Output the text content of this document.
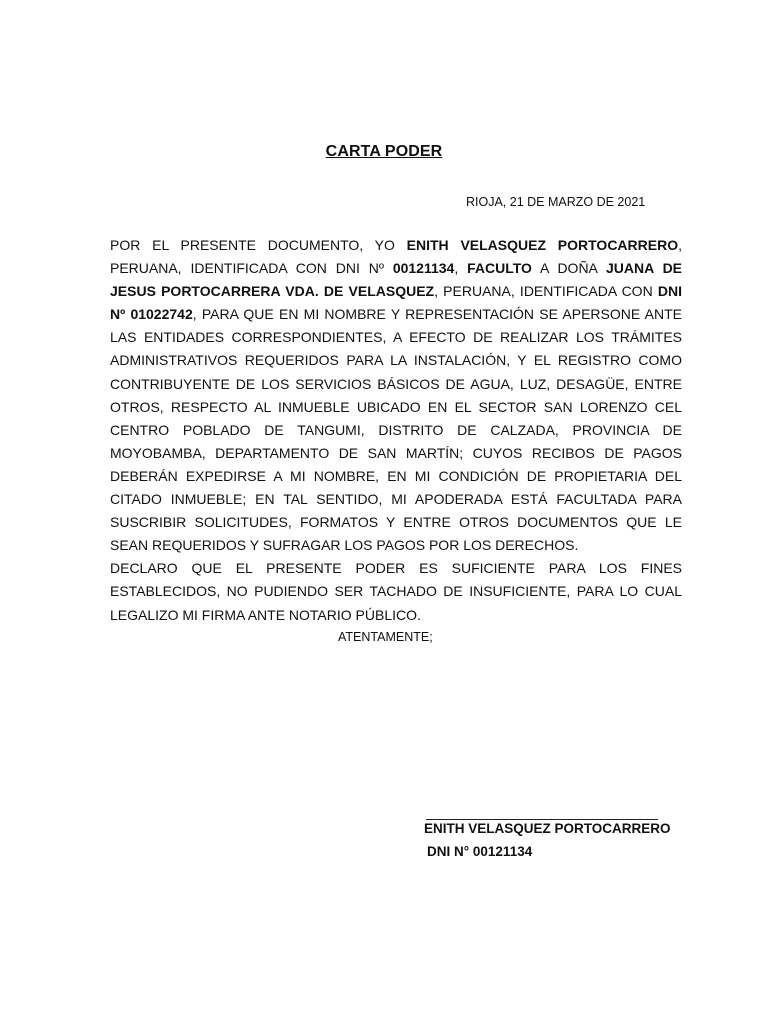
CARTA PODER
RIOJA, 21 DE MARZO DE 2021

POR EL PRESENTE DOCUMENTO, YO ENITH VELASQUEZ PORTOCARRERO, PERUANA, IDENTIFICADA CON DNI Nº 00121134, FACULTO A DOÑA JUANA DE JESUS PORTOCARRERA VDA. DE VELASQUEZ, PERUANA, IDENTIFICADA CON DNI Nº 01022742, PARA QUE EN MI NOMBRE Y REPRESENTACIÓN SE APERSONE ANTE LAS ENTIDADES CORRESPONDIENTES, A EFECTO DE REALIZAR LOS TRÁMITES ADMINISTRATIVOS REQUERIDOS PARA LA INSTALACIÓN, Y EL REGISTRO COMO CONTRIBUYENTE DE LOS SERVICIOS BÁSICOS DE AGUA, LUZ, DESAGÜE, ENTRE OTROS, RESPECTO AL INMUEBLE UBICADO EN EL SECTOR SAN LORENZO CEL CENTRO POBLADO DE TANGUMI, DISTRITO DE CALZADA, PROVINCIA DE MOYOBAMBA, DEPARTAMENTO DE SAN MARTÍN; CUYOS RECIBOS DE PAGOS DEBERÁN EXPEDIRSE A MI NOMBRE, EN MI CONDICIÓN DE PROPIETARIA DEL CITADO INMUEBLE; EN TAL SENTIDO, MI APODERADA ESTÁ FACULTADA PARA SUSCRIBIR SOLICITUDES, FORMATOS Y ENTRE OTROS DOCUMENTOS QUE LE SEAN REQUERIDOS Y SUFRAGAR LOS PAGOS POR LOS DERECHOS.

DECLARO QUE EL PRESENTE PODER ES SUFICIENTE PARA LOS FINES ESTABLECIDOS, NO PUDIENDO SER TACHADO DE INSUFICIENTE, PARA LO CUAL LEGALIZO MI FIRMA ANTE NOTARIO PÚBLICO.

ATENTAMENTE;
ENITH VELASQUEZ PORTOCARRERO
DNI N° 00121134
